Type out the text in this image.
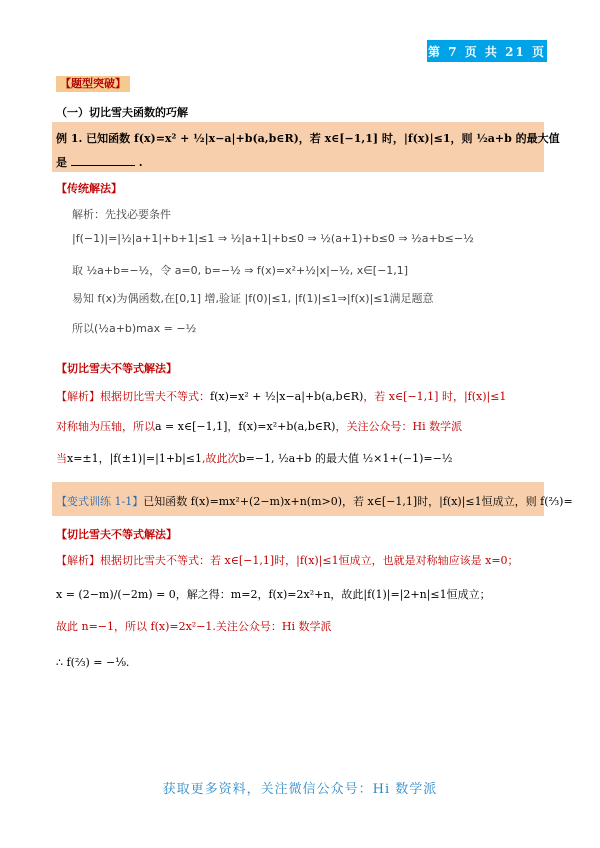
第 7 页 共 21 页
【题型突破】
（一）切比雪夫函数的巧解
例 1. 已知函数 f(x)=x² + ½|x−a|+b(a,b∈R)，若 x∈[−1,1] 时，|f(x)|≤1，则 ½a+b 的最大值
是	.
【传统解法】
解析：先找必要条件
|f(−1)|=|½|a+1|+b+1|≤1 ⇒ ½|a+1|+b≤0 ⇒ ½(a+1)+b≤0 ⇒ ½a+b≤−½
取 ½a+b=−½，令 a=0, b=−½ ⇒ f(x)=x²+½|x|−½, x∈[−1,1]
易知 f(x)为偶函数,在[0,1] 增,验证 |f(0)|≤1, |f(1)|≤1⇒|f(x)|≤1满足题意
所以(½a+b)max = −½
【切比雪夫不等式解法】
【解析】根据切比雪夫不等式：f(x)=x² + ½|x−a|+b(a,b∈R)，若 x∈[−1,1] 时，|f(x)|≤1
对称轴为压轴，所以a = x∈[−1,1]，f(x)=x²+b(a,b∈R)，关注公众号：Hi 数学派
当x=±1，|f(±1)|=|1+b|≤1,故此次b=−1, ½a+b 的最大值 ½×1+(−1)=−½
【变式训练 1-1】已知函数 f(x)=mx²+(2−m)x+n(m>0)，若 x∈[−1,1]时，|f(x)|≤1恒成立，则 f(⅔)=
【切比雪夫不等式解法】
【解析】根据切比雪夫不等式：若 x∈[−1,1]时，|f(x)|≤1恒成立，也就是对称轴应该是 x=0；
x = (2−m)/(−2m) = 0，解之得：m=2，f(x)=2x²+n，故此|f(1)|=|2+n|≤1恒成立；
故此 n=−1，所以 f(x)=2x²−1.关注公众号：Hi 数学派
∴ f(⅔) = −⅑.
获取更多资料，关注微信公众号：Hi 数学派
